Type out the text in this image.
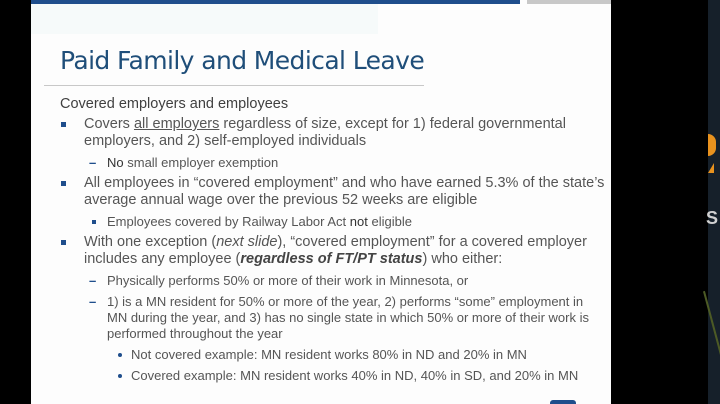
Paid Family and Medical Leave
Covered employers and employees
Covers all employers regardless of size, except for 1) federal governmental employers, and 2) self-employed individuals
– No small employer exemption
All employees in “covered employment” and who have earned 5.3% of the state’s average annual wage over the previous 52 weeks are eligible
Employees covered by Railway Labor Act not eligible
With one exception (next slide), “covered employment” for a covered employer includes any employee (regardless of FT/PT status) who either:
– Physically performs 50% or more of their work in Minnesota, or
– 1) is a MN resident for 50% or more of the year, 2) performs “some” employment in MN during the year, and 3) has no single state in which 50% or more of their work is performed throughout the year
Not covered example: MN resident works 80% in ND and 20% in MN
Covered example: MN resident works 40% in ND, 40% in SD, and 20% in MN
S
